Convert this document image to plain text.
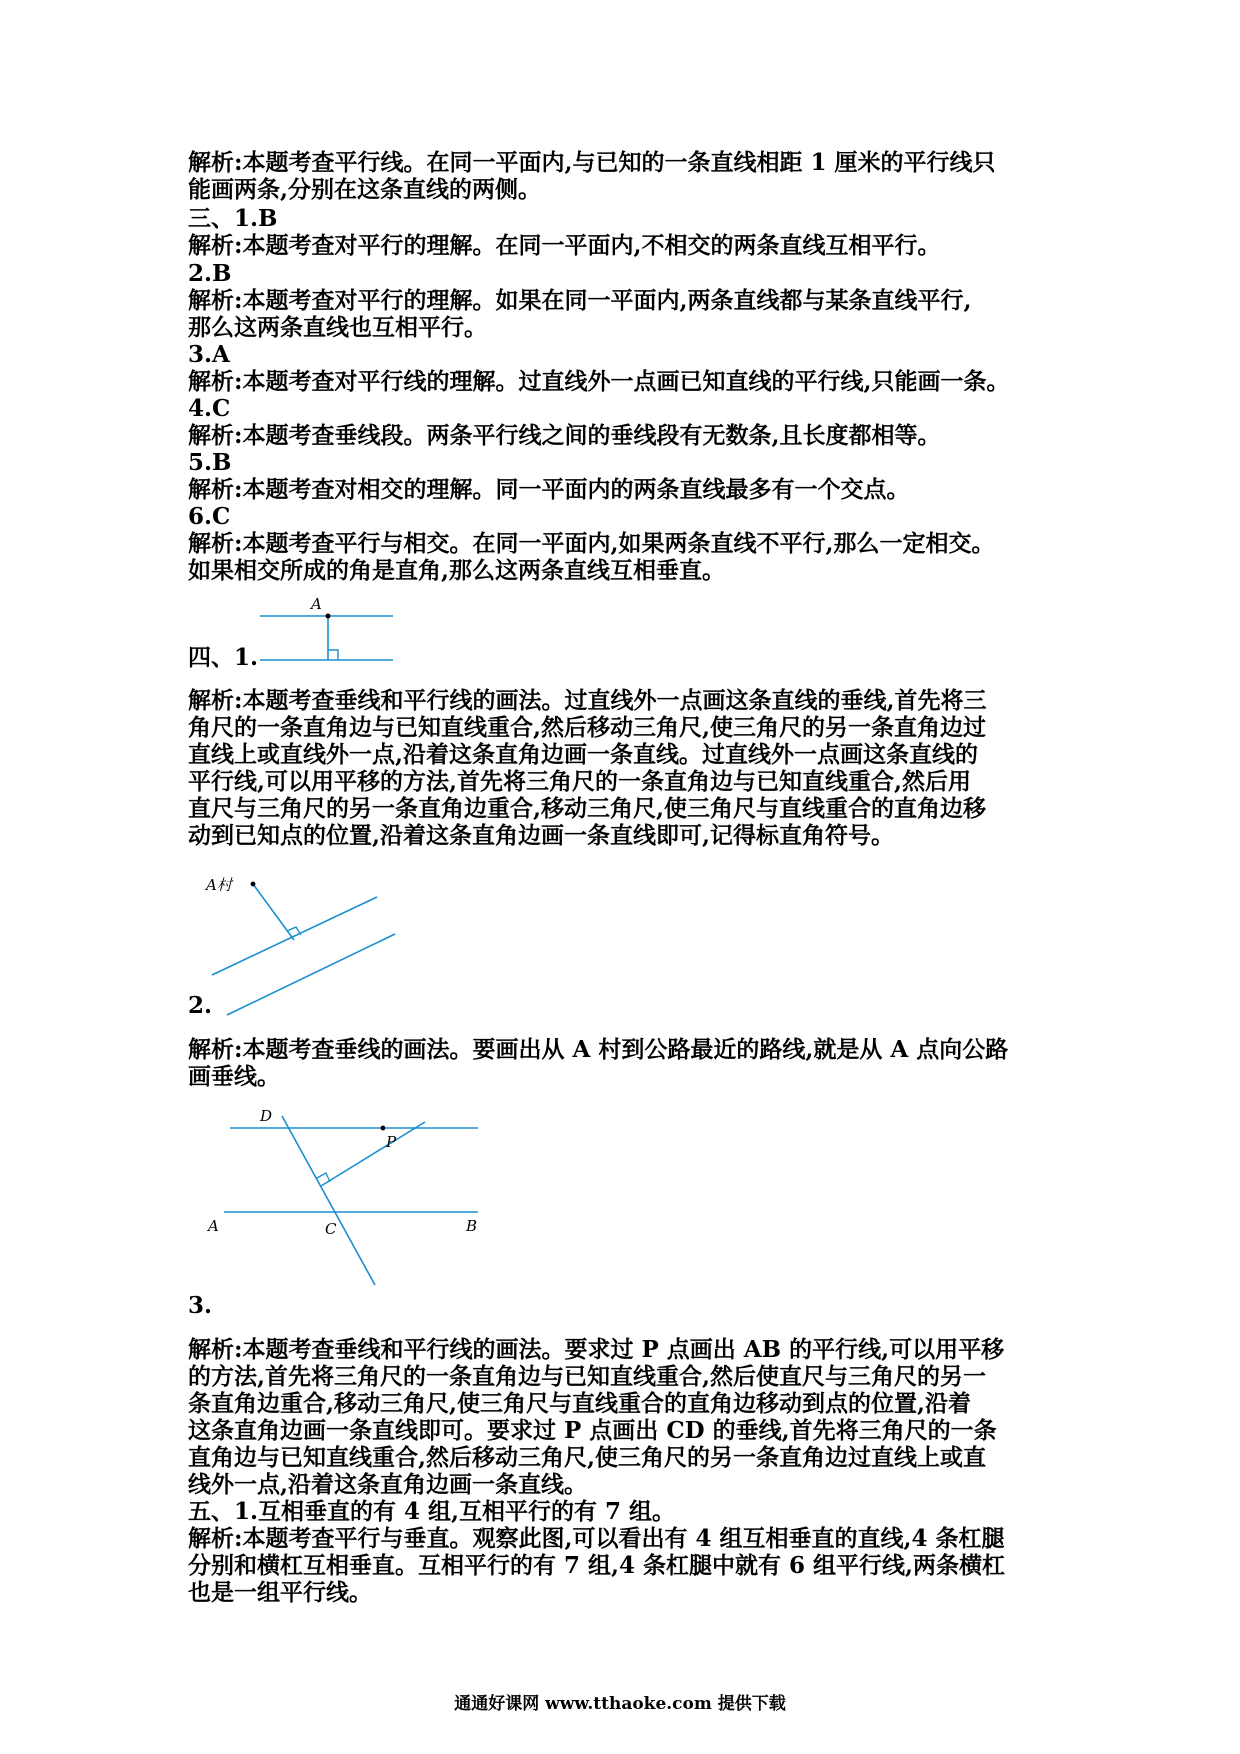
解析:本题考查平行线。在同一平面内,与已知的一条直线相距 1 厘米的平行线只
能画两条,分别在这条直线的两侧。
三、1.B
解析:本题考查对平行的理解。在同一平面内,不相交的两条直线互相平行。
2.B
解析:本题考查对平行的理解。如果在同一平面内,两条直线都与某条直线平行,
那么这两条直线也互相平行。
3.A
解析:本题考查对平行线的理解。过直线外一点画已知直线的平行线,只能画一条。
4.C
解析:本题考查垂线段。两条平行线之间的垂线段有无数条,且长度都相等。
5.B
解析:本题考查对相交的理解。同一平面内的两条直线最多有一个交点。
6.C
解析:本题考查平行与相交。在同一平面内,如果两条直线不平行,那么一定相交。
如果相交所成的角是直角,那么这两条直线互相垂直。
A
四、1.
解析:本题考查垂线和平行线的画法。过直线外一点画这条直线的垂线,首先将三
角尺的一条直角边与已知直线重合,然后移动三角尺,使三角尺的另一条直角边过
直线上或直线外一点,沿着这条直角边画一条直线。过直线外一点画这条直线的
平行线,可以用平移的方法,首先将三角尺的一条直角边与已知直线重合,然后用
直尺与三角尺的另一条直角边重合,移动三角尺,使三角尺与直线重合的直角边移
动到已知点的位置,沿着这条直角边画一条直线即可,记得标直角符号。
A村
2.
解析:本题考查垂线的画法。要画出从 A 村到公路最近的路线,就是从 A 点向公路
画垂线。
D
P
A	C	B
3.
解析:本题考查垂线和平行线的画法。要求过 P 点画出 AB 的平行线,可以用平移
的方法,首先将三角尺的一条直角边与已知直线重合,然后使直尺与三角尺的另一
条直角边重合,移动三角尺,使三角尺与直线重合的直角边移动到点的位置,沿着
这条直角边画一条直线即可。要求过 P 点画出 CD 的垂线,首先将三角尺的一条
直角边与已知直线重合,然后移动三角尺,使三角尺的另一条直角边过直线上或直
线外一点,沿着这条直角边画一条直线。
五、1.互相垂直的有 4 组,互相平行的有 7 组。
解析:本题考查平行与垂直。观察此图,可以看出有 4 组互相垂直的直线,4 条杠腿
分别和横杠互相垂直。互相平行的有 7 组,4 条杠腿中就有 6 组平行线,两条横杠
也是一组平行线。
通通好课网 www.tthaoke.com 提供下载
